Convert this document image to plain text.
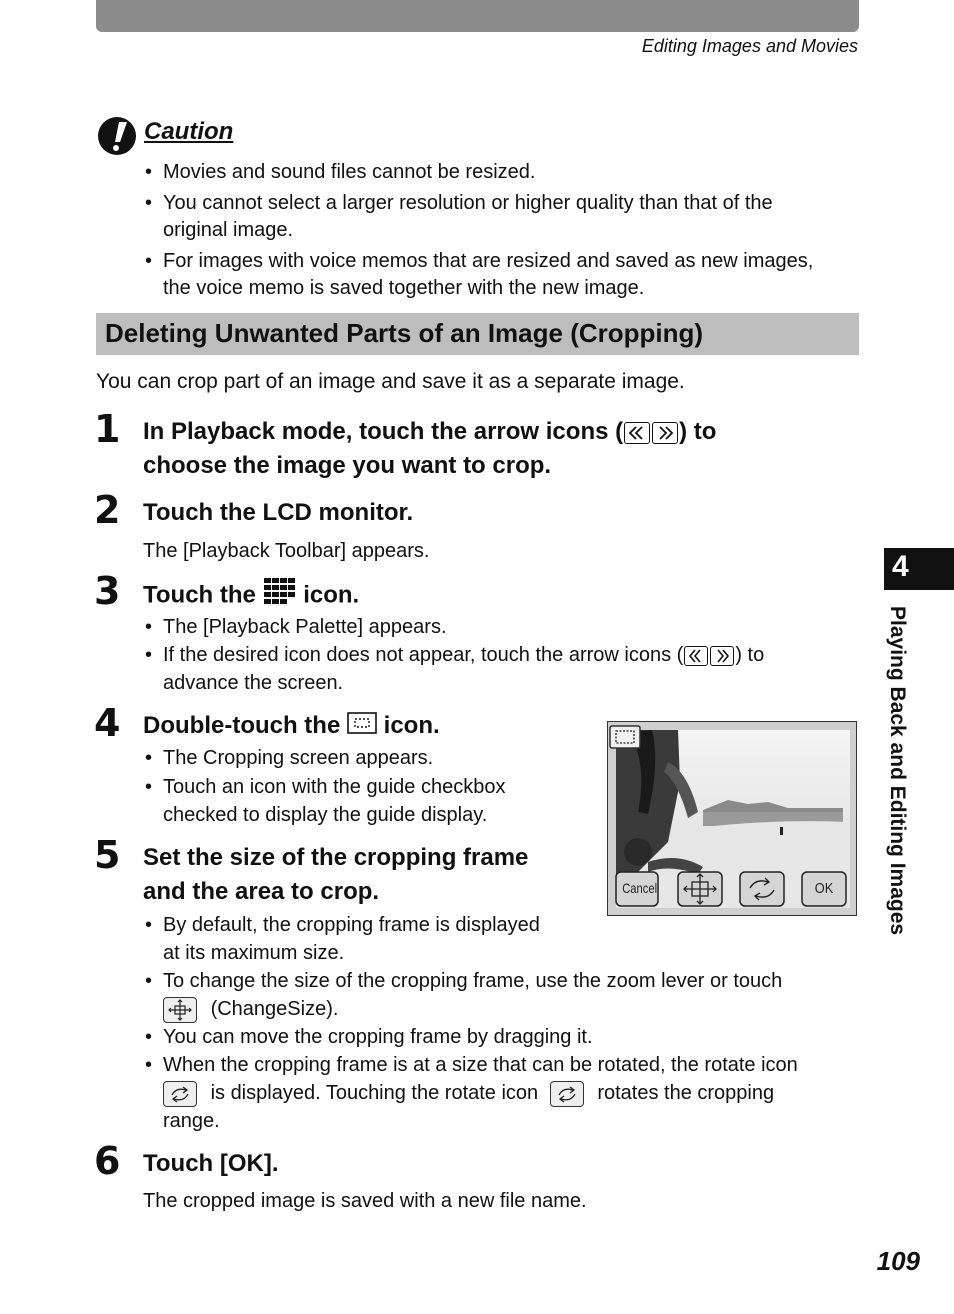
Editing Images and Movies
Caution
• Movies and sound files cannot be resized.
• You cannot select a larger resolution or higher quality than that of the
original image.
• For images with voice memos that are resized and saved as new images,
the voice memo is saved together with the new image.
Deleting Unwanted Parts of an Image (Cropping)
You can crop part of an image and save it as a separate image.
1 In Playback mode, touch the arrow icons ( ) to
choose the image you want to crop.
2 Touch the LCD monitor.
The [Playback Toolbar] appears.
3 Touch the icon.
• The [Playback Palette] appears.
• If the desired icon does not appear, touch the arrow icons (	) to
advance the screen.
4 Double-touch the icon.
• The Cropping screen appears.
• Touch an icon with the guide checkbox
checked to display the guide display.
Cancel	OK
5 Set the size of the cropping frame
and the area to crop.
• By default, the cropping frame is displayed
at its maximum size.
• To change the size of the cropping frame, use the zoom lever or touch
(ChangeSize).
• You can move the cropping frame by dragging it.
• When the cropping frame is at a size that can be rotated, the rotate icon
is displayed. Touching the rotate icon	rotates the cropping
range.
6 Touch [OK].
The cropped image is saved with a new file name.
4
Playing Back and Editing Images
109
